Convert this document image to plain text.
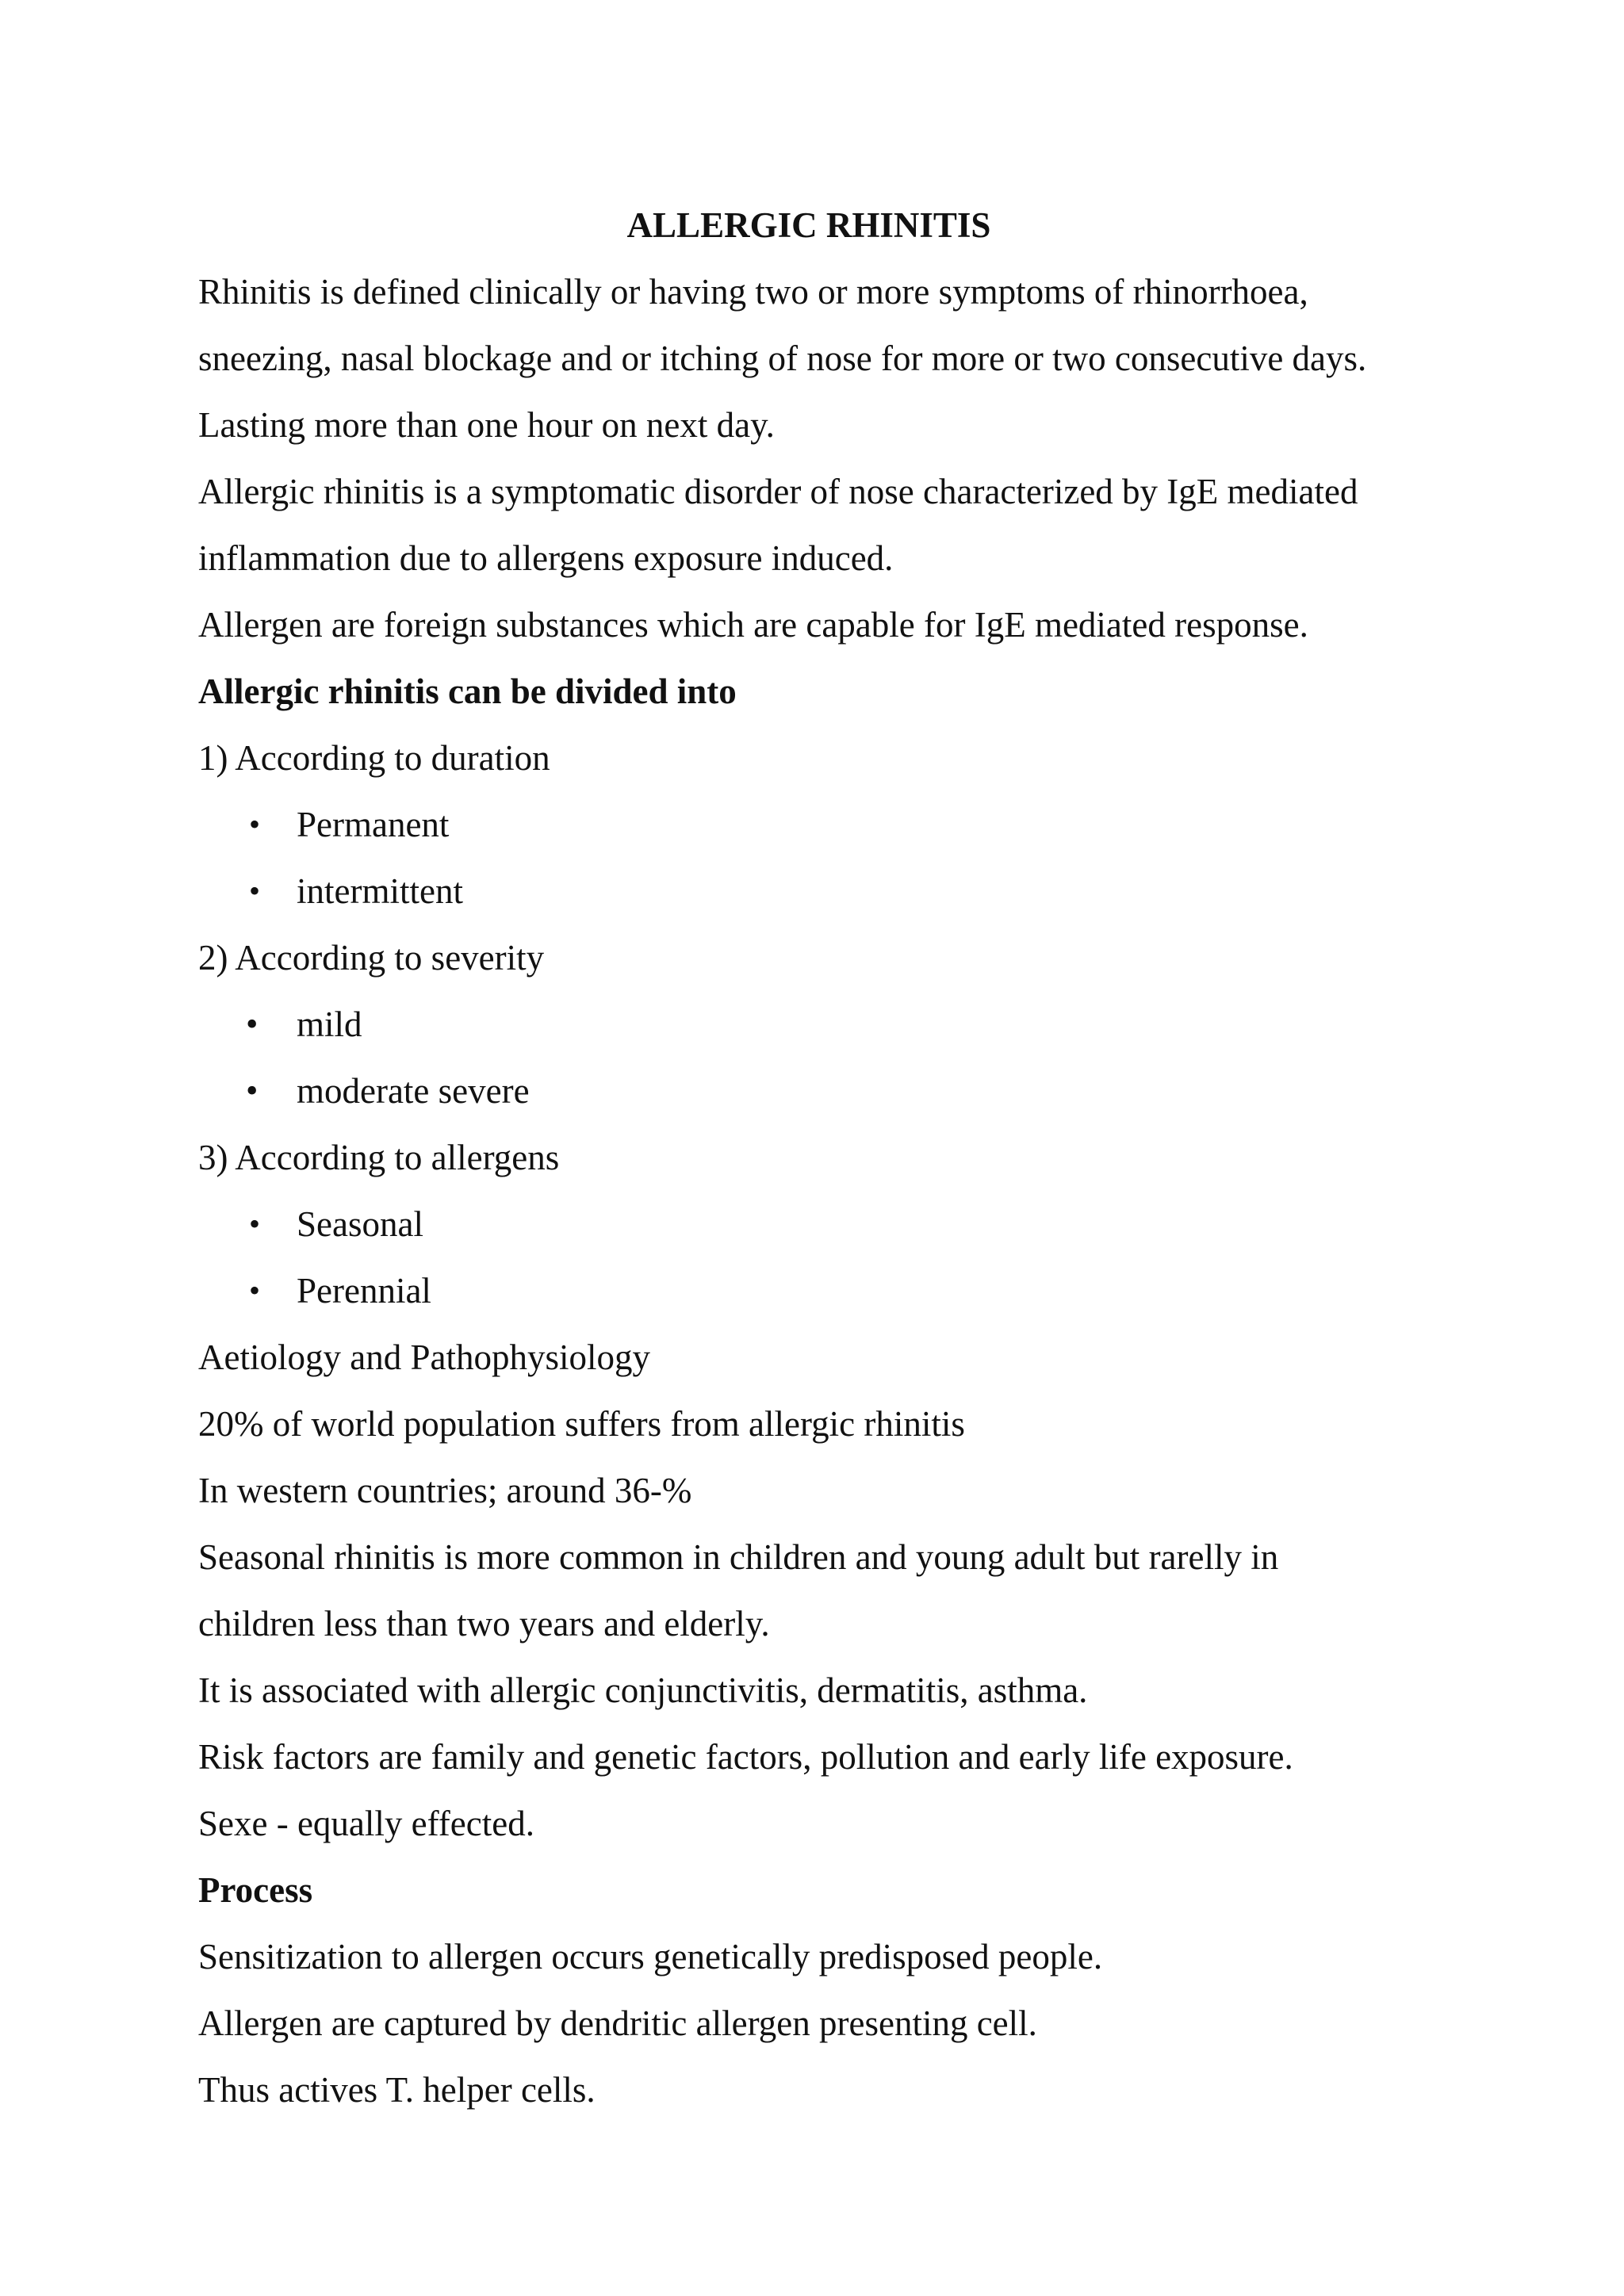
ALLERGIC RHINITIS

Rhinitis is defined clinically or having two or more symptoms of rhinorrhoea,

sneezing, nasal blockage and or itching of nose for more or two consecutive days.

Lasting more than one hour on next day.

Allergic rhinitis is a symptomatic disorder of nose characterized by IgE mediated

inflammation due to allergens exposure induced.

Allergen are foreign substances which are capable for IgE mediated response.

Allergic rhinitis can be divided into

1) According to duration

• Permanent
• intermittent

2) According to severity

• mild
• moderate severe

3) According to allergens

• Seasonal
• Perennial

Aetiology and Pathophysiology

20% of world population suffers from allergic rhinitis

In western countries; around 36-%

Seasonal rhinitis is more common in children and young adult but rarelly in

children less than two years and elderly.

It is associated with allergic conjunctivitis, dermatitis, asthma.

Risk factors are family and genetic factors, pollution and early life exposure.

Sexe - equally effected.

Process

Sensitization to allergen occurs genetically predisposed people.

Allergen are captured by dendritic allergen presenting cell.

Thus actives T. helper cells.
